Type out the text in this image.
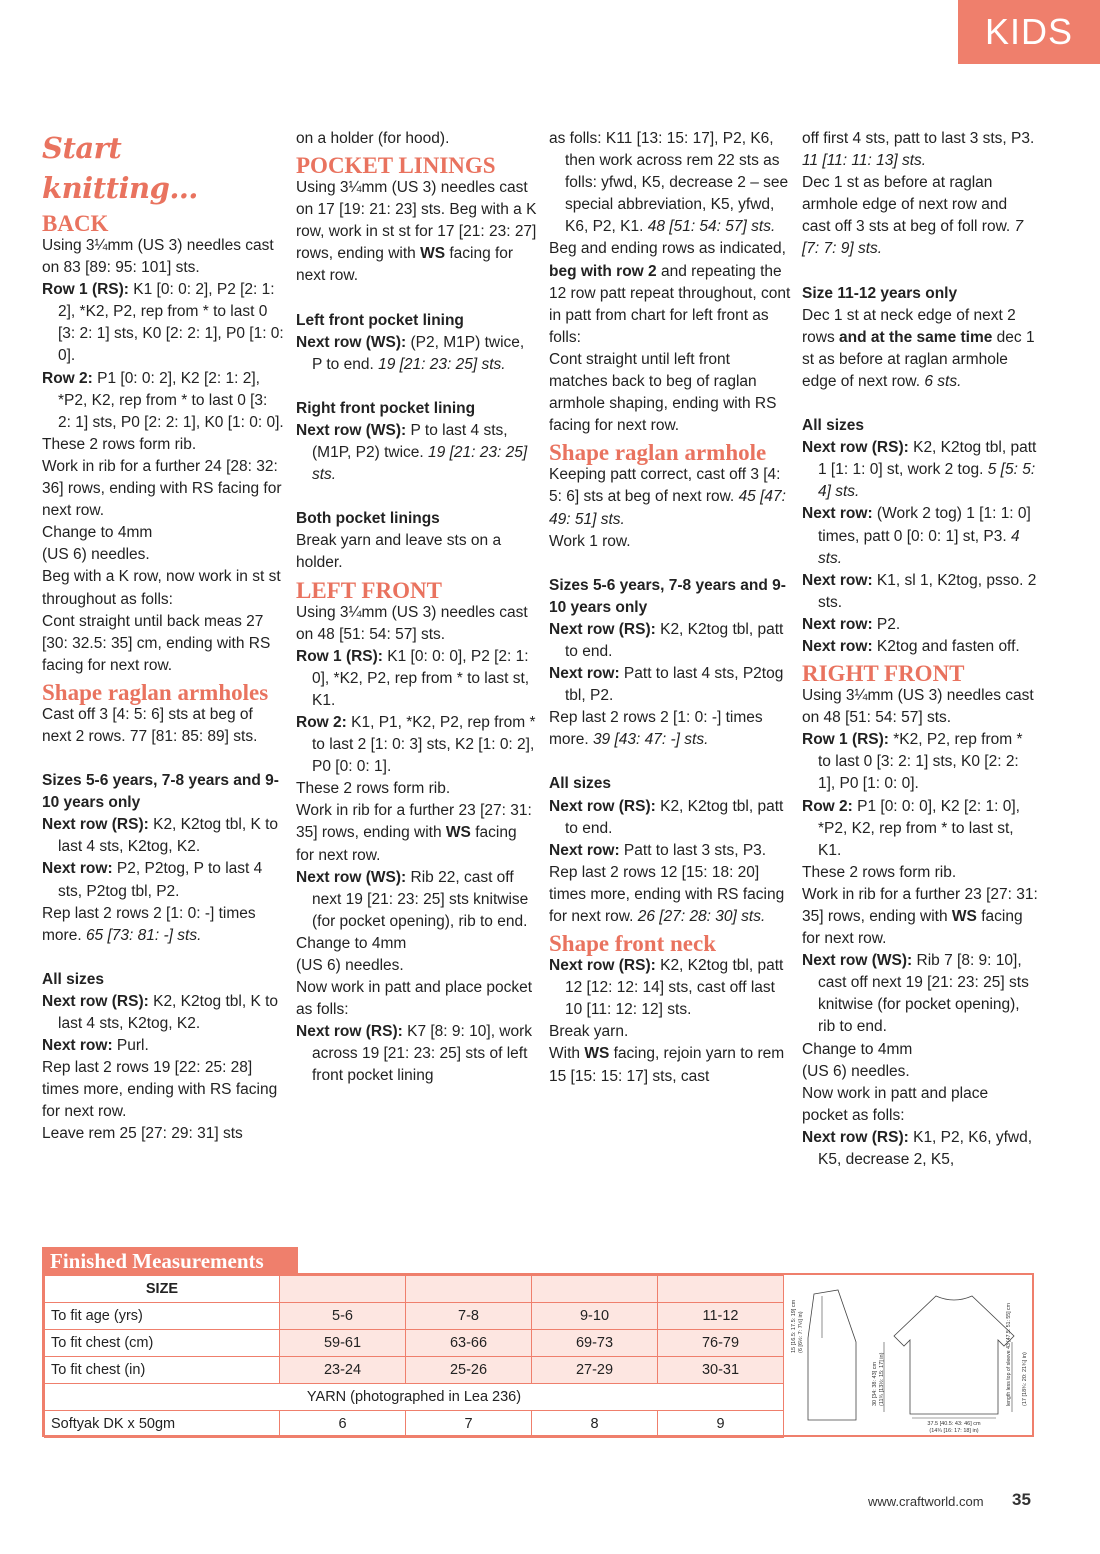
KIDS
Start knitting…
BACK
Using 3¼mm (US 3) needles cast on 83 [89: 95: 101] sts.
Row 1 (RS): K1 [0: 0: 2], P2 [2: 1: 2], *K2, P2, rep from * to last 0 [3: 2: 1] sts, K0 [2: 2: 1], P0 [1: 0: 0].
Row 2: P1 [0: 0: 2], K2 [2: 1: 2], *P2, K2, rep from * to last 0 [3: 2: 1] sts, P0 [2: 2: 1], K0 [1: 0: 0].
These 2 rows form rib.
Work in rib for a further 24 [28: 32: 36] rows, ending with RS facing for next row.
Change to 4mm
(US 6) needles.
Beg with a K row, now work in st st throughout as folls:
Cont straight until back meas 27 [30: 32.5: 35] cm, ending with RS facing for next row.
Shape raglan armholes
Cast off 3 [4: 5: 6] sts at beg of next 2 rows. 77 [81: 85: 89] sts.
Sizes 5-6 years, 7-8 years and 9-10 years only
Next row (RS): K2, K2tog tbl, K to last 4 sts, K2tog, K2.
Next row: P2, P2tog, P to last 4 sts, P2tog tbl, P2.
Rep last 2 rows 2 [1: 0: -] times more. 65 [73: 81: -] sts.
All sizes
Next row (RS): K2, K2tog tbl, K to last 4 sts, K2tog, K2.
Next row: Purl.
Rep last 2 rows 19 [22: 25: 28] times more, ending with RS facing for next row.
Leave rem 25 [27: 29: 31] sts
on a holder (for hood).
POCKET LININGS
Using 3¼mm (US 3) needles cast on 17 [19: 21: 23] sts. Beg with a K row, work in st st for 17 [21: 23: 27] rows, ending with WS facing for next row.
Left front pocket lining
Next row (WS): (P2, M1P) twice, P to end. 19 [21: 23: 25] sts.
Right front pocket lining
Next row (WS): P to last 4 sts, (M1P, P2) twice. 19 [21: 23: 25] sts.
Both pocket linings
Break yarn and leave sts on a holder.
LEFT FRONT
Using 3¼mm (US 3) needles cast on 48 [51: 54: 57] sts.
Row 1 (RS): K1 [0: 0: 0], P2 [2: 1: 0], *K2, P2, rep from * to last st, K1.
Row 2: K1, P1, *K2, P2, rep from * to last 2 [1: 0: 3] sts, K2 [1: 0: 2], P0 [0: 0: 1].
These 2 rows form rib.
Work in rib for a further 23 [27: 31: 35] rows, ending with WS facing for next row.
Next row (WS): Rib 22, cast off next 19 [21: 23: 25] sts knitwise (for pocket opening), rib to end.
Change to 4mm
(US 6) needles.
Now work in patt and place pocket as folls:
Next row (RS): K7 [8: 9: 10], work across 19 [21: 23: 25] sts of left front pocket lining
as folls: K11 [13: 15: 17], P2, K6, then work across rem 22 sts as folls: yfwd, K5, decrease 2 – see special abbreviation, K5, yfwd, K6, P2, K1. 48 [51: 54: 57] sts.
Beg and ending rows as indicated, beg with row 2 and repeating the 12 row patt repeat throughout, cont in patt from chart for left front as folls:
Cont straight until left front matches back to beg of raglan armhole shaping, ending with RS facing for next row.
Shape raglan armhole
Keeping patt correct, cast off 3 [4: 5: 6] sts at beg of next row. 45 [47: 49: 51] sts.
Work 1 row.
Sizes 5-6 years, 7-8 years and 9-10 years only
Next row (RS): K2, K2tog tbl, patt to end.
Next row: Patt to last 4 sts, P2tog tbl, P2.
Rep last 2 rows 2 [1: 0: -] times more. 39 [43: 47: -] sts.
All sizes
Next row (RS): K2, K2tog tbl, patt to end.
Next row: Patt to last 3 sts, P3.
Rep last 2 rows 12 [15: 18: 20] times more, ending with RS facing for next row. 26 [27: 28: 30] sts.
Shape front neck
Next row (RS): K2, K2tog tbl, patt 12 [12: 12: 14] sts, cast off last 10 [11: 12: 12] sts.
Break yarn.
With WS facing, rejoin yarn to rem 15 [15: 15: 17] sts, cast
off first 4 sts, patt to last 3 sts, P3. 11 [11: 11: 13] sts.
Dec 1 st as before at raglan armhole edge of next row and cast off 3 sts at beg of foll row. 7 [7: 7: 9] sts.
Size 11-12 years only
Dec 1 st at neck edge of next 2 rows and at the same time dec 1 st as before at raglan armhole edge of next row. 6 sts.
All sizes
Next row (RS): K2, K2tog tbl, patt 1 [1: 1: 0] st, work 2 tog. 5 [5: 5: 4] sts.
Next row: (Work 2 tog) 1 [1: 1: 0] times, patt 0 [0: 0: 1] st, P3. 4 sts.
Next row: K1, sl 1, K2tog, psso. 2 sts.
Next row: P2.
Next row: K2tog and fasten off.
RIGHT FRONT
Using 3¼mm (US 3) needles cast on 48 [51: 54: 57] sts.
Row 1 (RS): *K2, P2, rep from * to last 0 [3: 2: 1] sts, K0 [2: 2: 1], P0 [1: 0: 0].
Row 2: P1 [0: 0: 0], K2 [2: 1: 0], *P2, K2, rep from * to last st, K1.
These 2 rows form rib.
Work in rib for a further 23 [27: 31: 35] rows, ending with WS facing for next row.
Next row (WS): Rib 7 [8: 9: 10], cast off next 19 [21: 23: 25] sts knitwise (for pocket opening), rib to end.
Change to 4mm
(US 6) needles.
Now work in patt and place pocket as folls:
Next row (RS): K1, P2, K6, yfwd, K5, decrease 2, K5,
Finished Measurements
SIZE				
To fit age (yrs)	5-6	7-8	9-10	11-12
To fit chest (cm)	59-61	63-66	69-73	76-79
To fit chest (in)	23-24	25-26	27-29	30-31
YARN (photographed in Lea 236)				
Softyak DK x 50gm	6	7	8	9
15 [16.5: 17.5: 19] cm (6 [6½: 7: 7½] in)
30 [34: 38: 43] cm (11¾ [13½: 15: 17] in)	length less top of sleeve 43 [47.5: 51: 55] cm (17 [18¾: 20: 21¾] in)
37.5 [40.5: 43: 46] cm
(14¾ [16: 17: 18] in)
www.craftworld.com 35
